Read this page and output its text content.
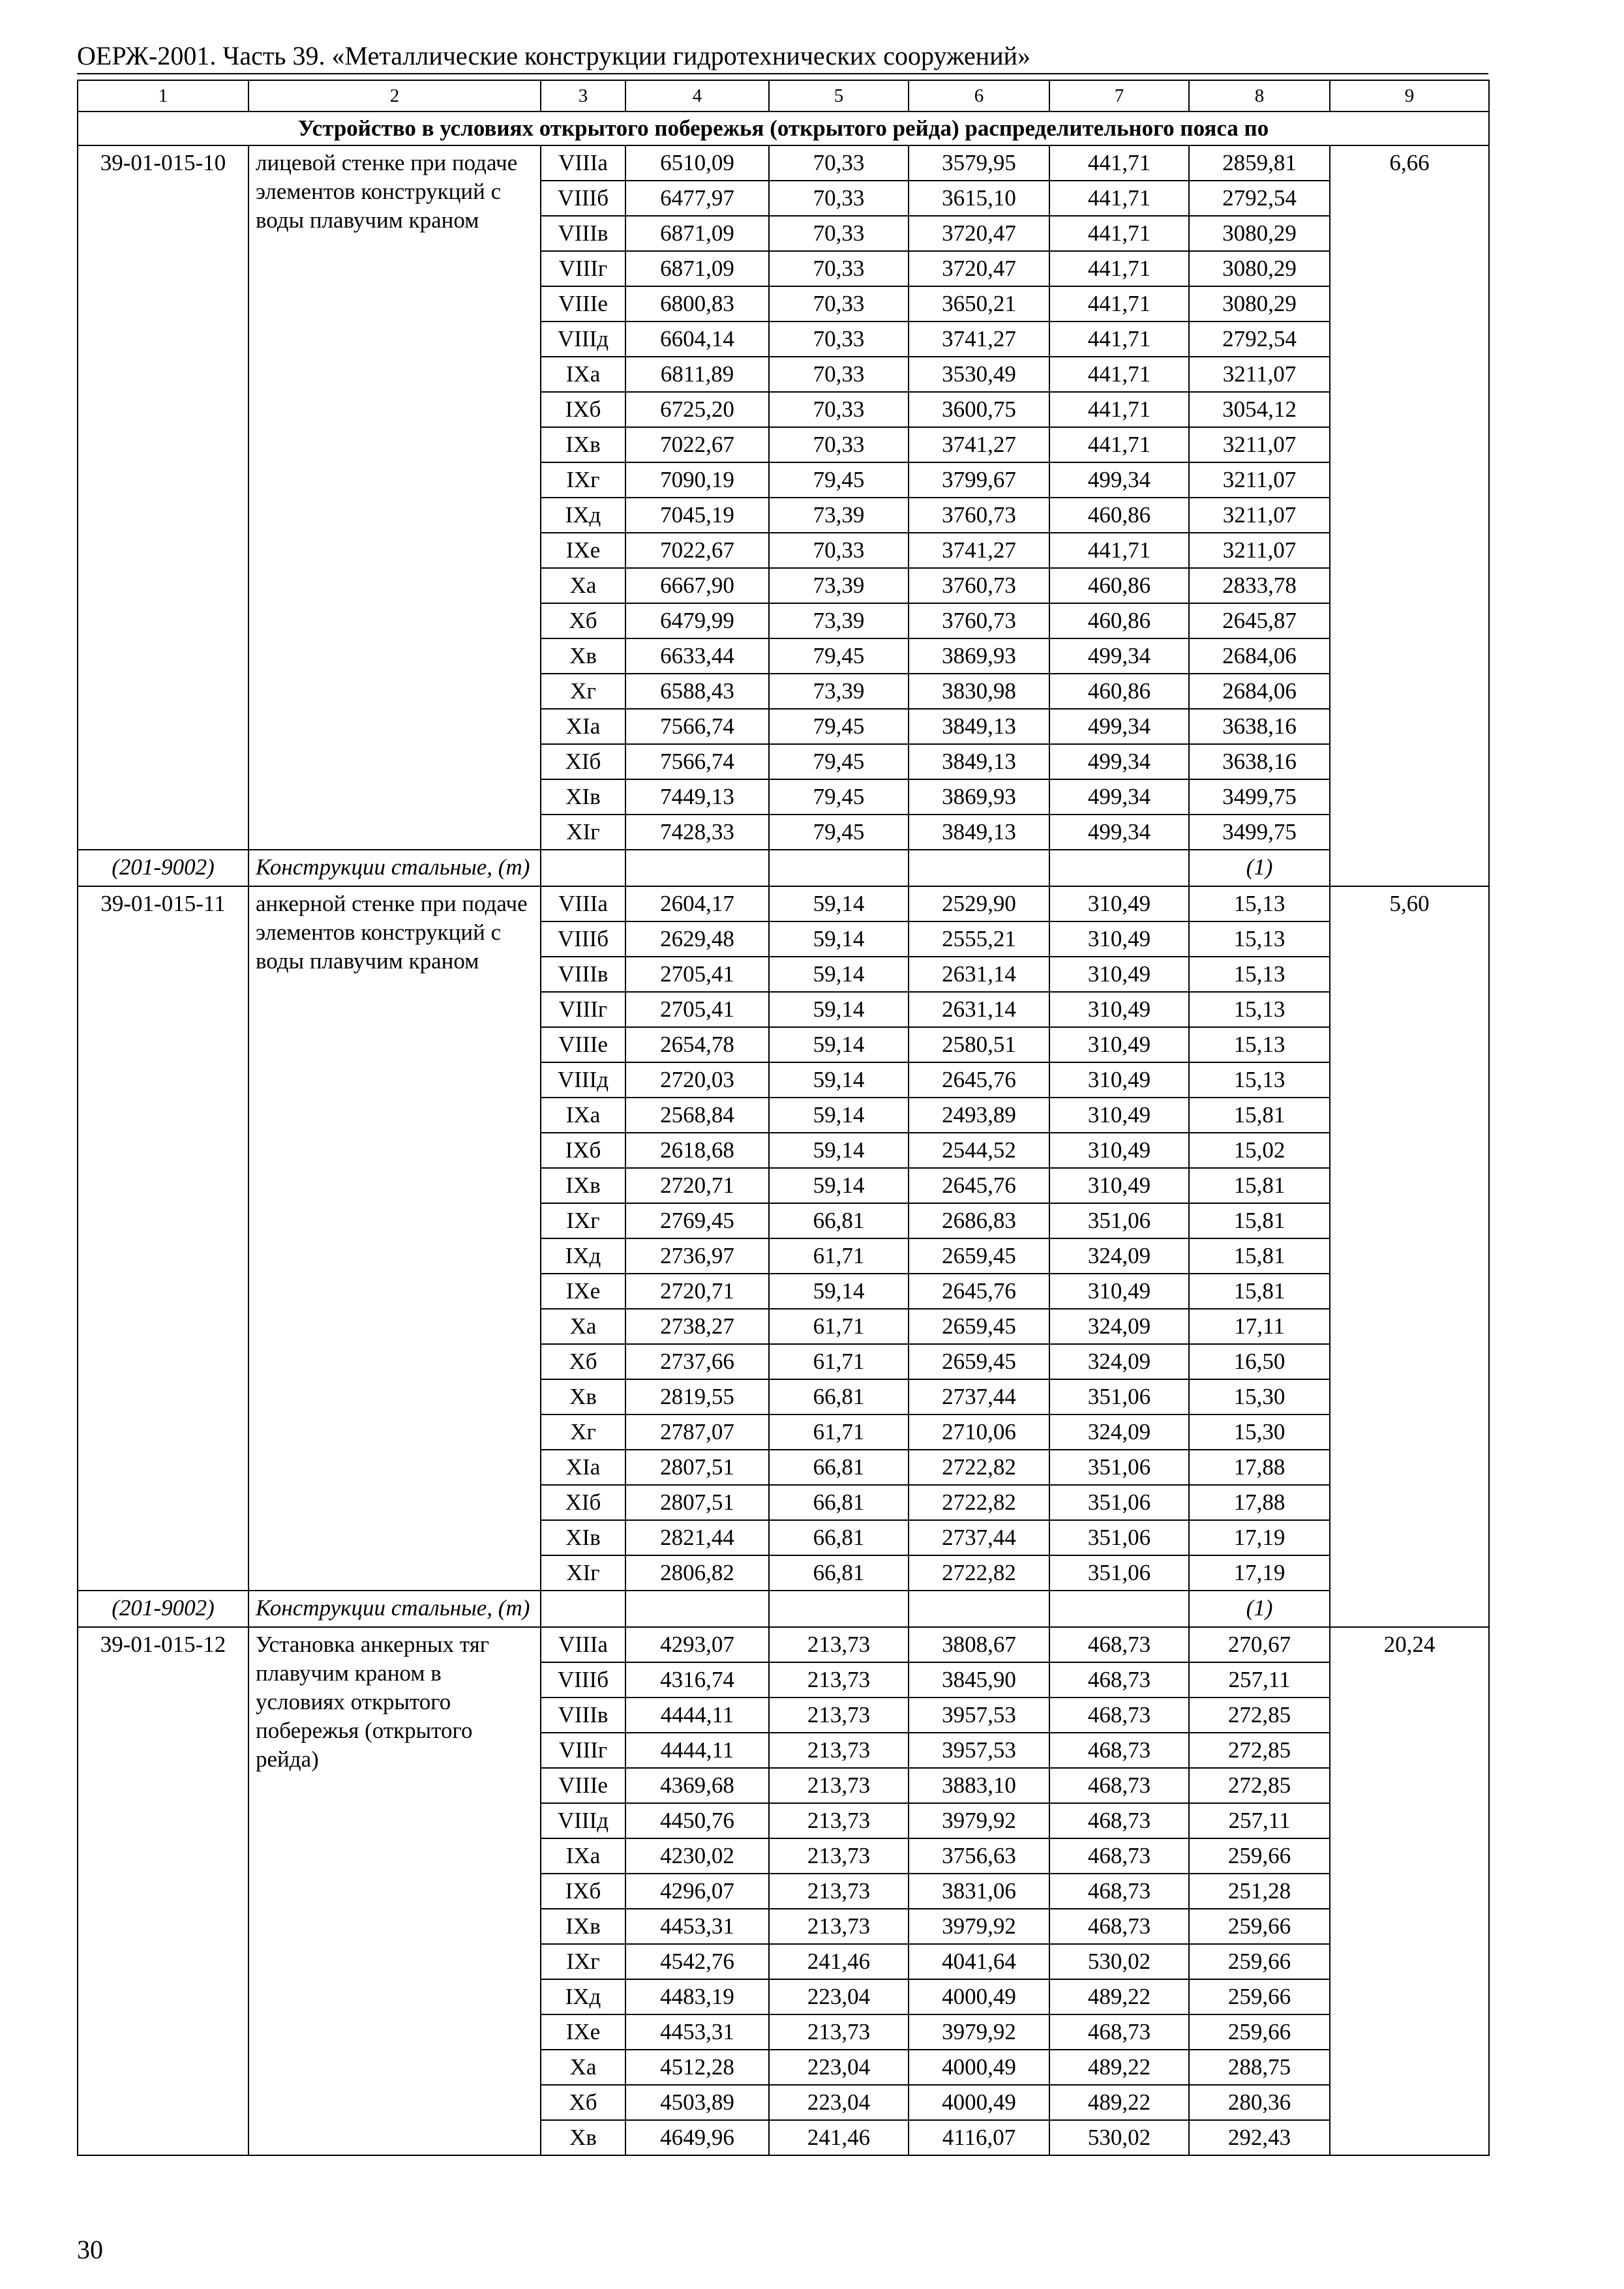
ОЕРЖ-2001. Часть 39. «Металлические конструкции гидротехнических сооружений»
1	2	3	4	5	6	7	8	9
Устройство в условиях открытого побережья (открытого рейда) распределительного пояса по								
39-01-015-10	лицевой стенке при подаче элементов конструкций с воды плавучим краном	VIIIа	6510,09	70,33	3579,95	441,71	2859,81	6,66
		VIIIб	6477,97	70,33	3615,10	441,71	2792,54	
		VIIIв	6871,09	70,33	3720,47	441,71	3080,29	
		VIIIг	6871,09	70,33	3720,47	441,71	3080,29	
		VIIIе	6800,83	70,33	3650,21	441,71	3080,29	
		VIIIд	6604,14	70,33	3741,27	441,71	2792,54	
		IXа	6811,89	70,33	3530,49	441,71	3211,07	
		IXб	6725,20	70,33	3600,75	441,71	3054,12	
		IXв	7022,67	70,33	3741,27	441,71	3211,07	
		IXг	7090,19	79,45	3799,67	499,34	3211,07	
		IXд	7045,19	73,39	3760,73	460,86	3211,07	
		IXе	7022,67	70,33	3741,27	441,71	3211,07	
		Xа	6667,90	73,39	3760,73	460,86	2833,78	
		Xб	6479,99	73,39	3760,73	460,86	2645,87	
		Xв	6633,44	79,45	3869,93	499,34	2684,06	
		Xг	6588,43	73,39	3830,98	460,86	2684,06	
		XIа	7566,74	79,45	3849,13	499,34	3638,16	
		XIб	7566,74	79,45	3849,13	499,34	3638,16	
		XIв	7449,13	79,45	3869,93	499,34	3499,75	
		XIг	7428,33	79,45	3849,13	499,34	3499,75	
(201-9002)	Конструкции стальные, (т)						(1)	
39-01-015-11	анкерной стенке при подаче элементов конструкций с воды плавучим краном	VIIIа	2604,17	59,14	2529,90	310,49	15,13	5,60
		VIIIб	2629,48	59,14	2555,21	310,49	15,13	
		VIIIв	2705,41	59,14	2631,14	310,49	15,13	
		VIIIг	2705,41	59,14	2631,14	310,49	15,13	
		VIIIе	2654,78	59,14	2580,51	310,49	15,13	
		VIIIд	2720,03	59,14	2645,76	310,49	15,13	
		IXа	2568,84	59,14	2493,89	310,49	15,81	
		IXб	2618,68	59,14	2544,52	310,49	15,02	
		IXв	2720,71	59,14	2645,76	310,49	15,81	
		IXг	2769,45	66,81	2686,83	351,06	15,81	
		IXд	2736,97	61,71	2659,45	324,09	15,81	
		IXе	2720,71	59,14	2645,76	310,49	15,81	
		Xа	2738,27	61,71	2659,45	324,09	17,11	
		Xб	2737,66	61,71	2659,45	324,09	16,50	
		Xв	2819,55	66,81	2737,44	351,06	15,30	
		Xг	2787,07	61,71	2710,06	324,09	15,30	
		XIа	2807,51	66,81	2722,82	351,06	17,88	
		XIб	2807,51	66,81	2722,82	351,06	17,88	
		XIв	2821,44	66,81	2737,44	351,06	17,19	
		XIг	2806,82	66,81	2722,82	351,06	17,19	
(201-9002)	Конструкции стальные, (т)						(1)	
39-01-015-12	Установка анкерных тяг плавучим краном в условиях открытого побережья (открытого рейда)	VIIIа	4293,07	213,73	3808,67	468,73	270,67	20,24
		VIIIб	4316,74	213,73	3845,90	468,73	257,11	
		VIIIв	4444,11	213,73	3957,53	468,73	272,85	
		VIIIг	4444,11	213,73	3957,53	468,73	272,85	
		VIIIе	4369,68	213,73	3883,10	468,73	272,85	
		VIIIд	4450,76	213,73	3979,92	468,73	257,11	
		IXа	4230,02	213,73	3756,63	468,73	259,66	
		IXб	4296,07	213,73	3831,06	468,73	251,28	
		IXв	4453,31	213,73	3979,92	468,73	259,66	
		IXг	4542,76	241,46	4041,64	530,02	259,66	
		IXд	4483,19	223,04	4000,49	489,22	259,66	
		IXе	4453,31	213,73	3979,92	468,73	259,66	
		Xа	4512,28	223,04	4000,49	489,22	288,75	
		Xб	4503,89	223,04	4000,49	489,22	280,36	
		Xв	4649,96	241,46	4116,07	530,02	292,43	
30
